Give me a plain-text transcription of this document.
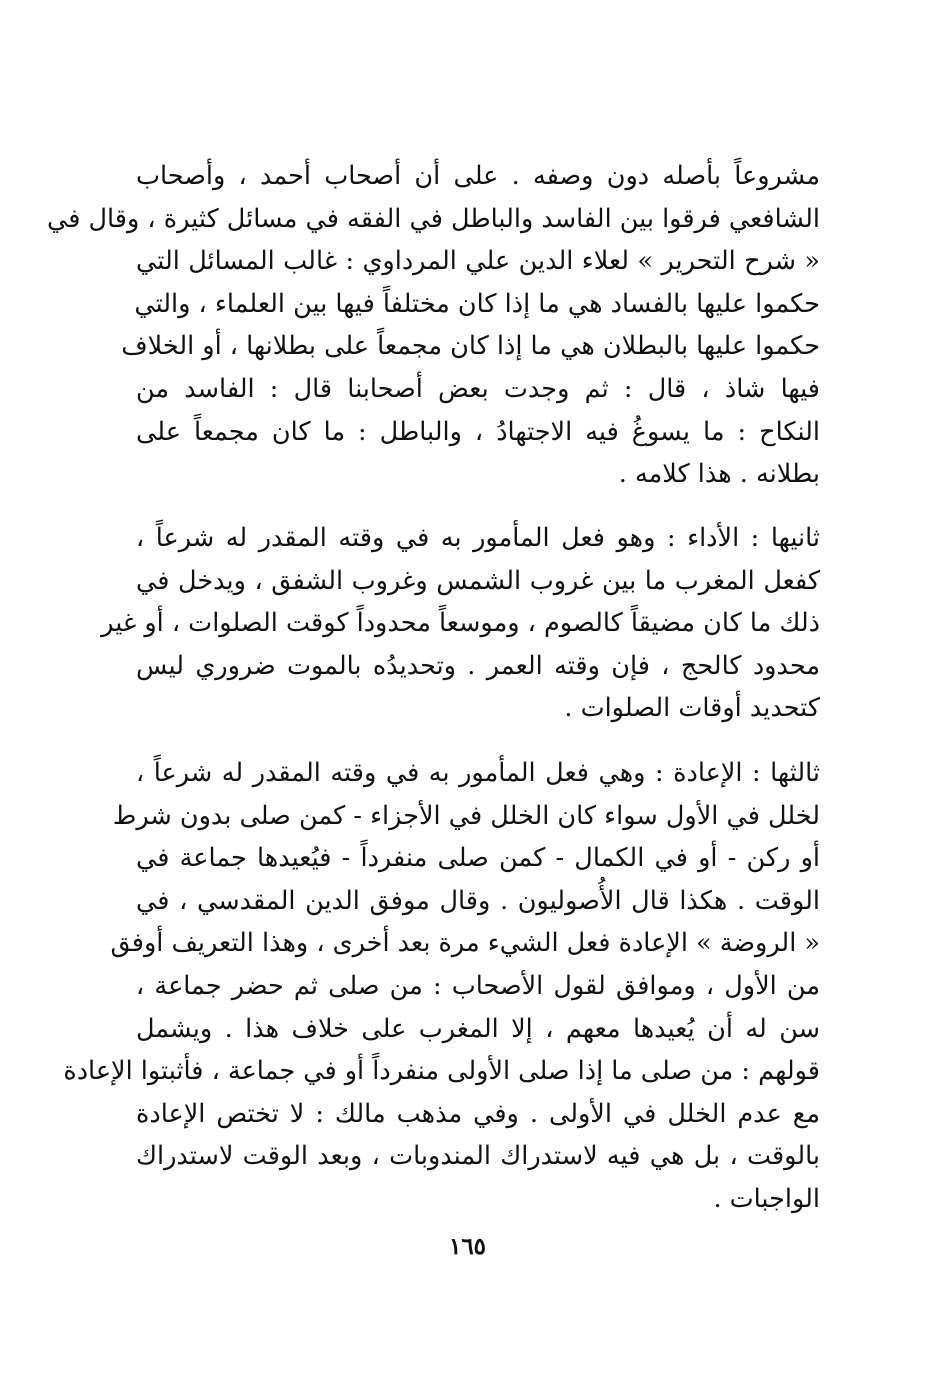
مشروعاً بأصله دون وصفه . على أن أصحاب أحمد ، وأصحاب
الشافعي فرقوا بين الفاسد والباطل في الفقه في مسائل كثيرة ، وقال في
« شرح التحرير » لعلاء الدين علي المرداوي : غالب المسائل التي
حكموا عليها بالفساد هي ما إذا كان مختلفاً فيها بين العلماء ، والتي
حكموا عليها بالبطلان هي ما إذا كان مجمعاً على بطلانها ، أو الخلاف
فيها شاذ ، قال : ثم وجدت بعض أصحابنا قال : الفاسد من
النكاح : ما يسوغُ فيه الاجتهادُ ، والباطل : ما كان مجمعاً على
بطلانه . هذا كلامه .
ثانيها : الأداء : وهو فعل المأمور به في وقته المقدر له شرعاً ،
كفعل المغرب ما بين غروب الشمس وغروب الشفق ، ويدخل في
ذلك ما كان مضيقاً كالصوم ، وموسعاً محدوداً كوقت الصلوات ، أو غير
محدود كالحج ، فإن وقته العمر . وتحديدُه بالموت ضروري ليس
كتحديد أوقات الصلوات .
ثالثها : الإعادة : وهي فعل المأمور به في وقته المقدر له شرعاً ،
لخلل في الأول سواء كان الخلل في الأجزاء - كمن صلى بدون شرط
أو ركن - أو في الكمال - كمن صلى منفرداً - فيُعيدها جماعة في
الوقت . هكذا قال الأُصوليون . وقال موفق الدين المقدسي ، في
« الروضة » الإعادة فعل الشيء مرة بعد أخرى ، وهذا التعريف أوفق
من الأول ، وموافق لقول الأصحاب : من صلى ثم حضر جماعة ،
سن له أن يُعيدها معهم ، إلا المغرب على خلاف هذا . ويشمل
قولهم : من صلى ما إذا صلى الأولى منفرداً أو في جماعة ، فأثبتوا الإعادة
مع عدم الخلل في الأولى . وفي مذهب مالك : لا تختص الإعادة
بالوقت ، بل هي فيه لاستدراك المندوبات ، وبعد الوقت لاستدراك
الواجبات .
١٦٥
